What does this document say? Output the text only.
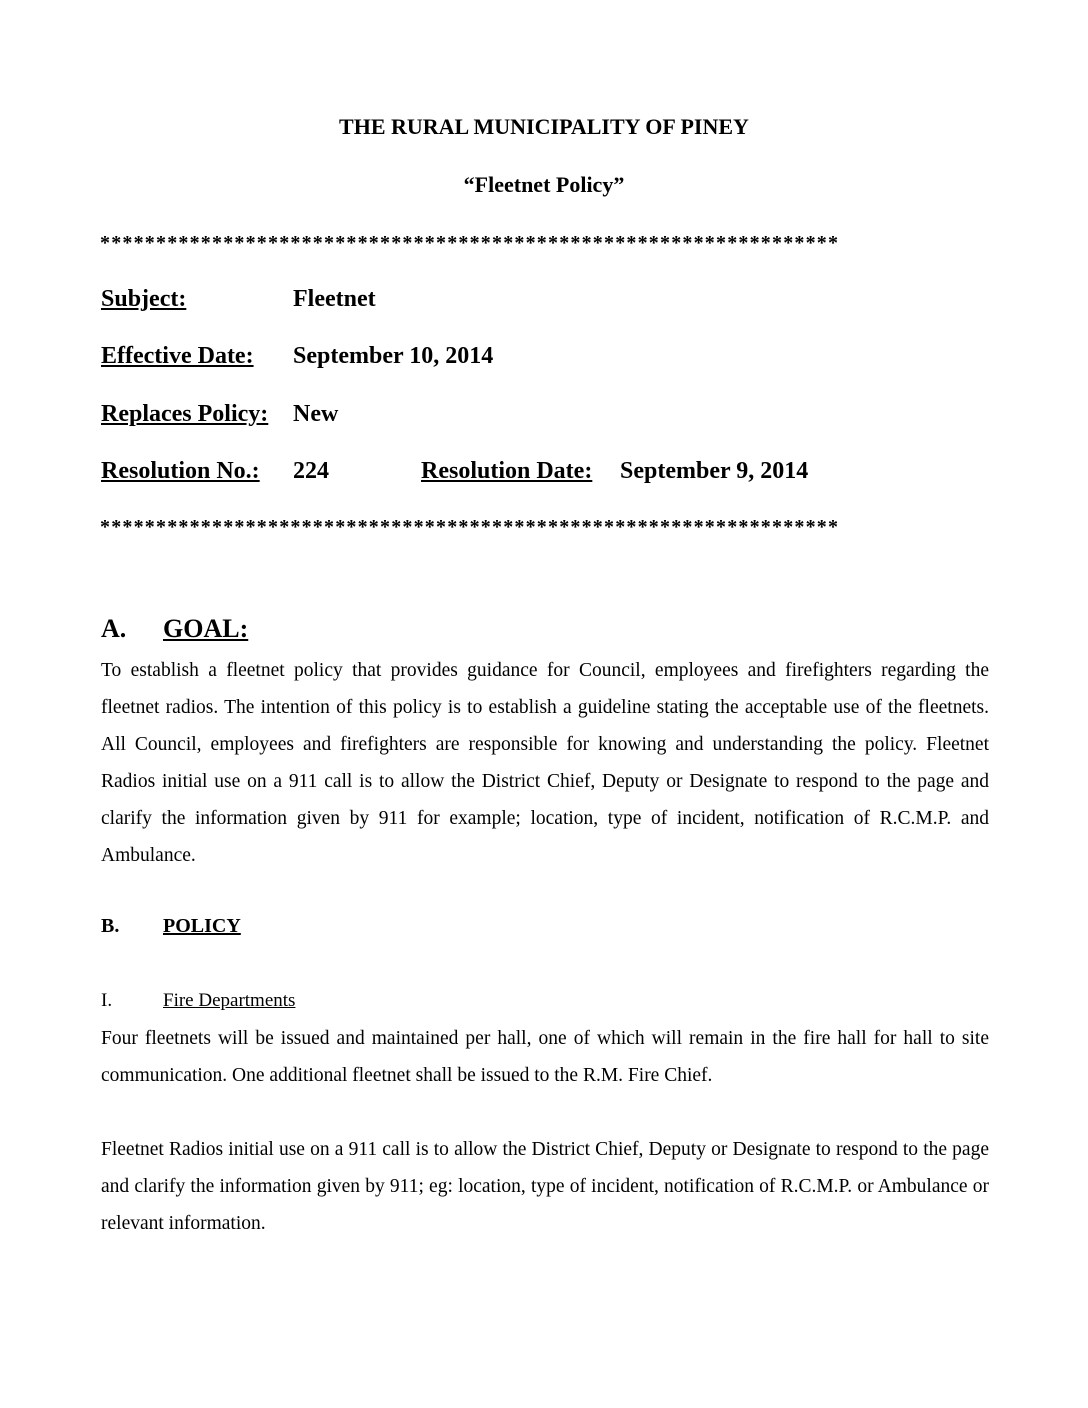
THE RURAL MUNICIPALITY OF PINEY
“Fleetnet Policy”
******************************************************************
Subject:	Fleetnet
Effective Date: September 10, 2014
Replaces Policy: New
Resolution No.: 224	Resolution Date: September 9, 2014
******************************************************************
A. GOAL:

To establish a fleetnet policy that provides guidance for Council, employees and firefighters regarding the fleetnet radios. The intention of this policy is to establish a guideline stating the acceptable use of the fleetnets. All Council, employees and firefighters are responsible for knowing and understanding the policy. Fleetnet Radios initial use on a 911 call is to allow the District Chief, Deputy or Designate to respond to the page and clarify the information given by 911 for example; location, type of incident, notification of R.C.M.P. and Ambulance.

B. POLICY
I.	Fire Departments

Four fleetnets will be issued and maintained per hall, one of which will remain in the fire hall for hall to site communication. One additional fleetnet shall be issued to the R.M. Fire Chief.

Fleetnet Radios initial use on a 911 call is to allow the District Chief, Deputy or Designate to respond to the page and clarify the information given by 911; eg: location, type of incident, notification of R.C.M.P. or Ambulance or relevant information.
